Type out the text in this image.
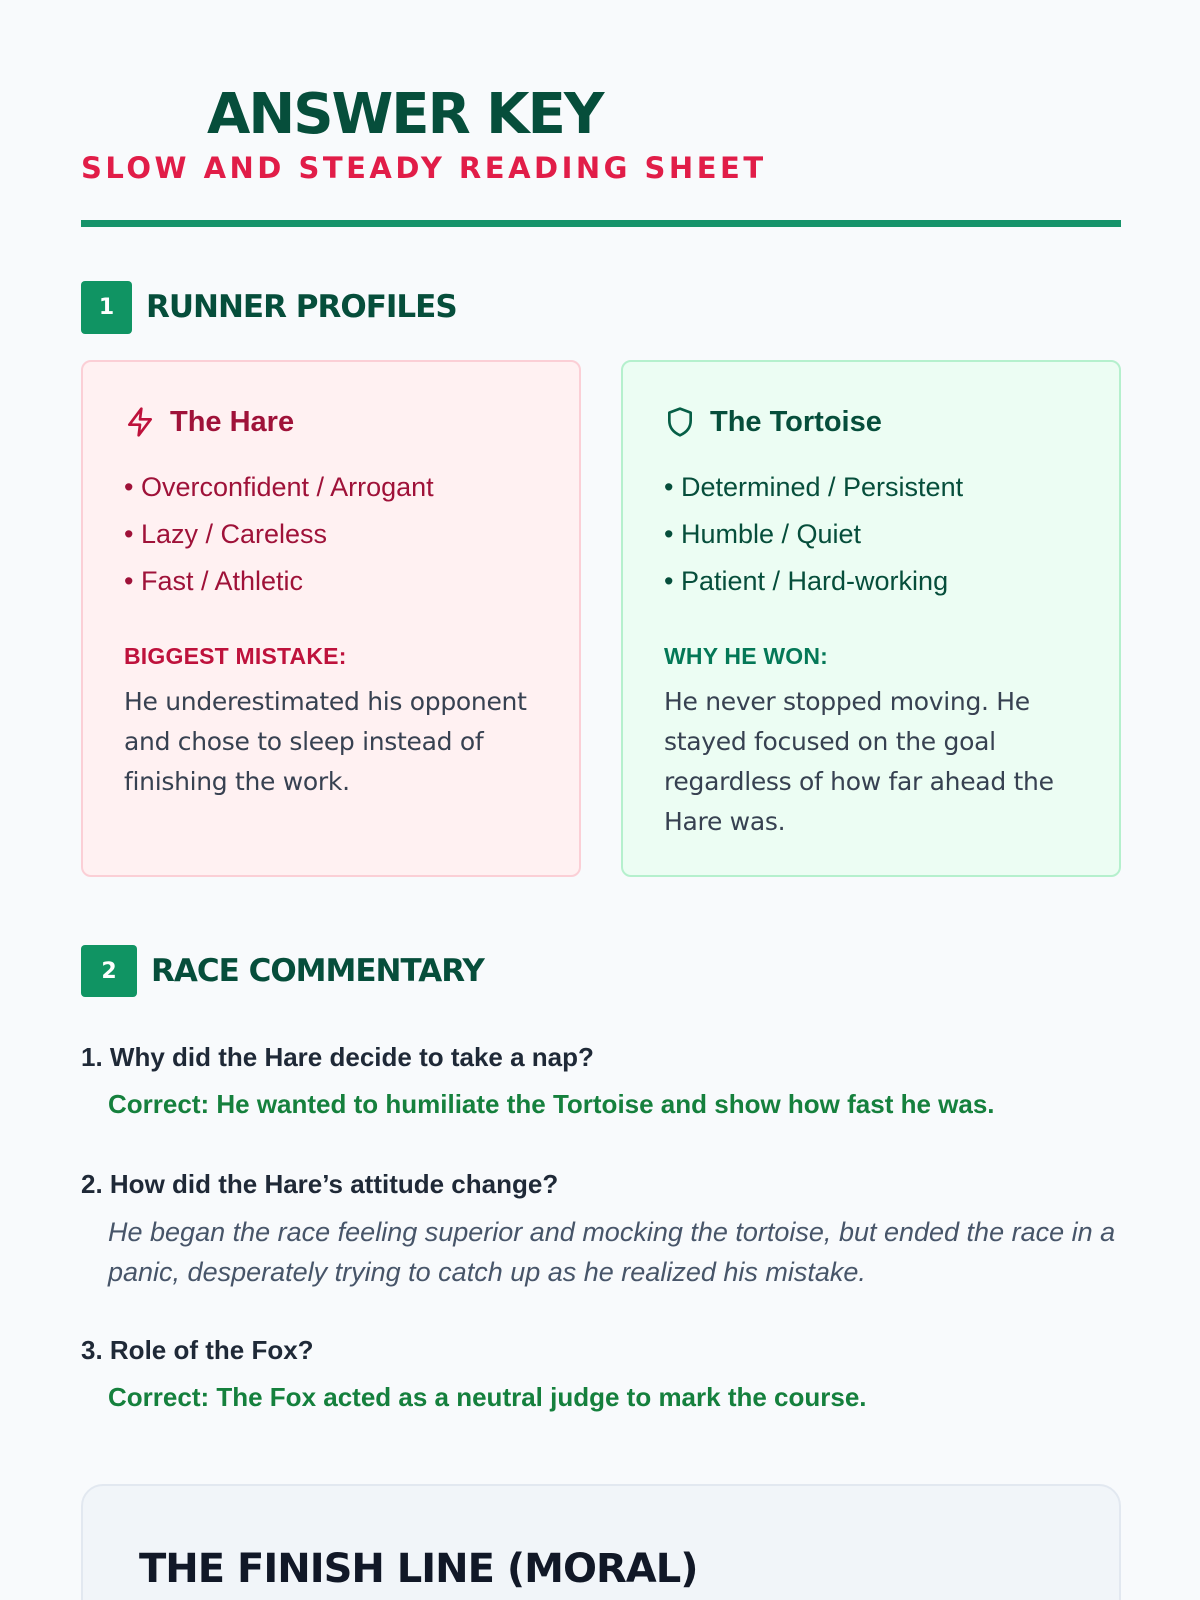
ANSWER KEY
SLOW AND STEADY READING SHEET
1	RUNNER PROFILES
The Hare
• Overconfident / Arrogant
• Lazy / Careless
• Fast / Athletic
BIGGEST MISTAKE:
He underestimated his opponent and chose to sleep instead of finishing the work.
The Tortoise
• Determined / Persistent
• Humble / Quiet
• Patient / Hard-working
WHY HE WON:
He never stopped moving. He stayed focused on the goal regardless of how far ahead the Hare was.
2	RACE COMMENTARY
1. Why did the Hare decide to take a nap?
Correct: He wanted to humiliate the Tortoise and show how fast he was.
2. How did the Hare’s attitude change?
He began the race feeling superior and mocking the tortoise, but ended the race in a panic, desperately trying to catch up as he realized his mistake.
3. Role of the Fox?
Correct: The Fox acted as a neutral judge to mark the course.
THE FINISH LINE (MORAL)
